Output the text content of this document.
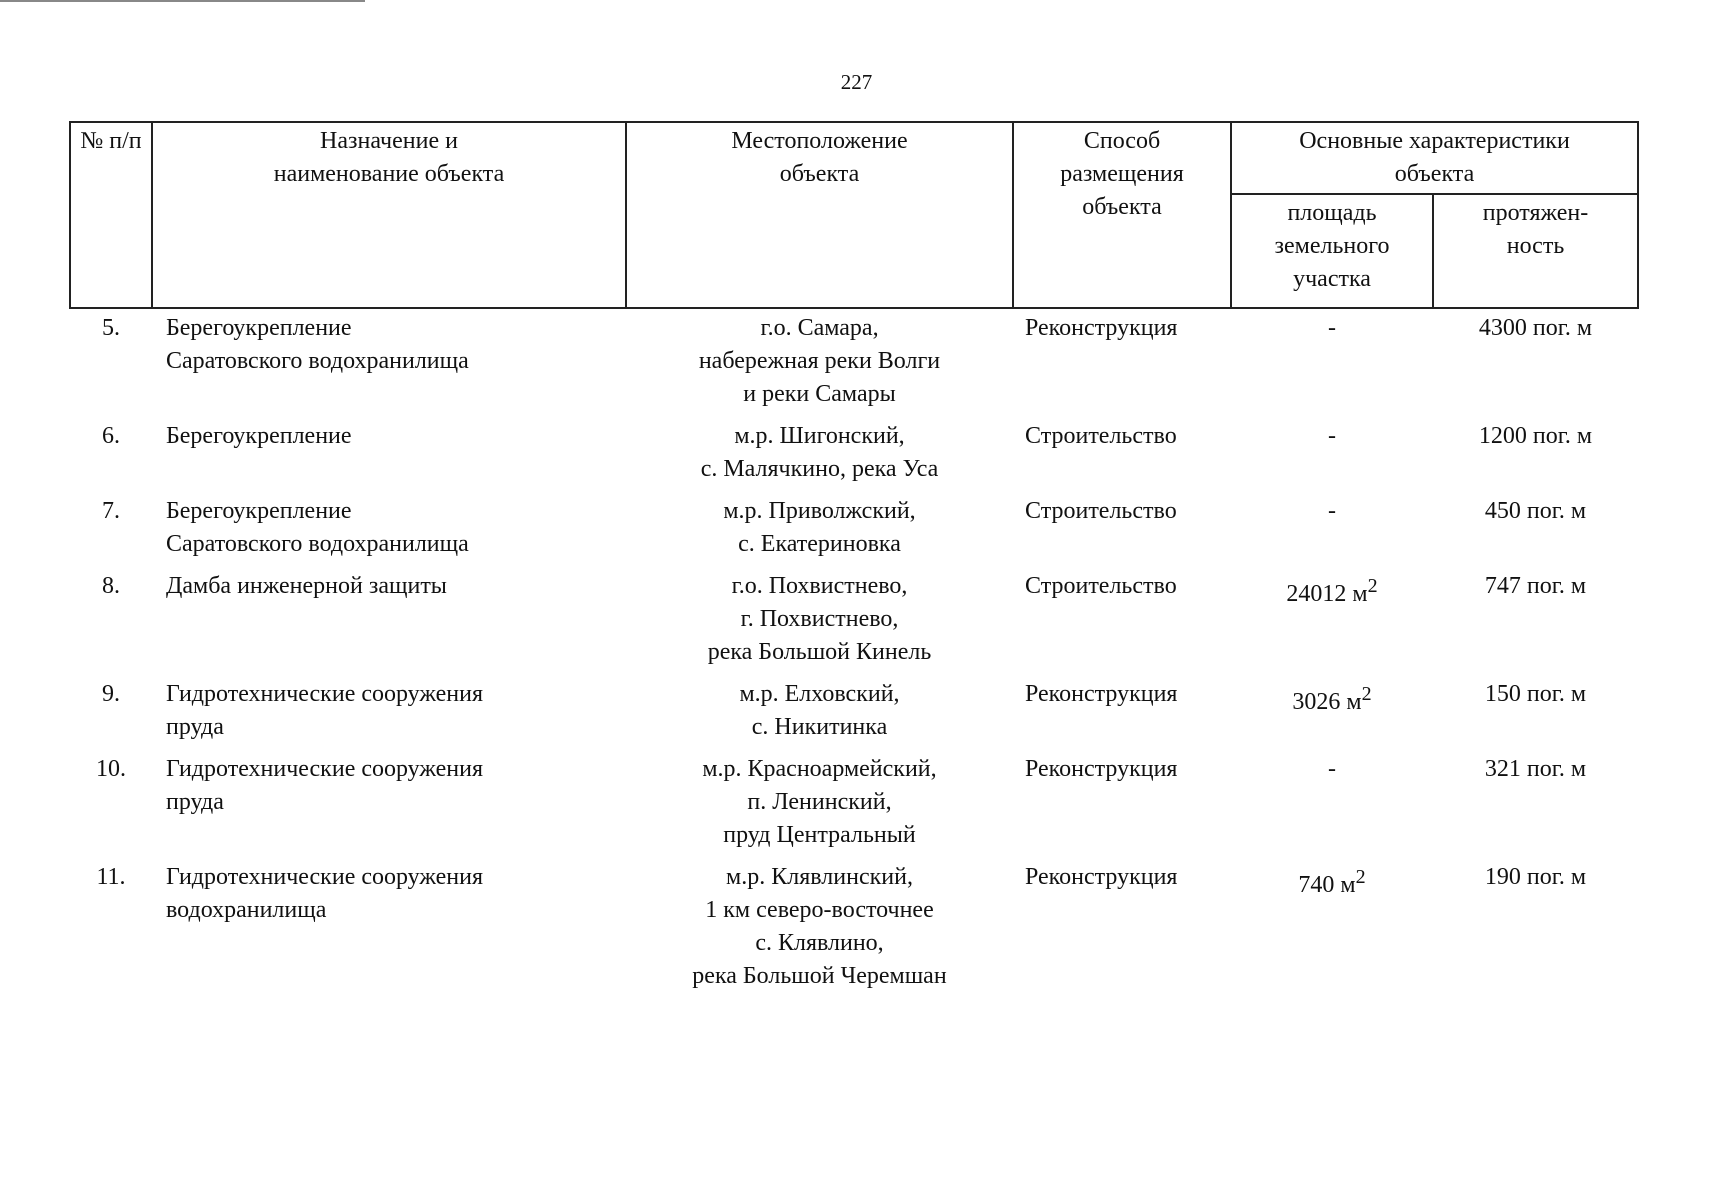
227
№ п/п	Назначение и
наименование объекта	Местоположение
объекта	Способ
размещения
объекта	Основные характеристики
объекта	
				площадь
земельного
участка	протяжен-
ность
5.	Берегоукрепление
Саратовского водохранилища	г.о. Самара,
набережная реки Волги
и реки Самары	Реконструкция	-	4300 пог. м
6.	Берегоукрепление	м.р. Шигонский,
с. Малячкино, река Уса	Строительство	-	1200 пог. м
7.	Берегоукрепление
Саратовского водохранилища	м.р. Приволжский,
с. Екатериновка	Строительство	-	450 пог. м
8.	Дамба инженерной защиты	г.о. Похвистнево,
г. Похвистнево,
река Большой Кинель	Строительство	24012 $м^2$	747 пог. м
9.	Гидротехнические сооружения
пруда	м.р. Елховский,
с. Никитинка	Реконструкция	3026 $м^2$	150 пог. м
10.	Гидротехнические сооружения
пруда	м.р. Красноармейский,
п. Ленинский,
пруд Центральный	Реконструкция	-	321 пог. м
11.	Гидротехнические сооружения
водохранилища	м.р. Клявлинский,
1 км северо-восточнее
с. Клявлино,
река Большой Черемшан	Реконструкция	740 $м^2$	190 пог. м
